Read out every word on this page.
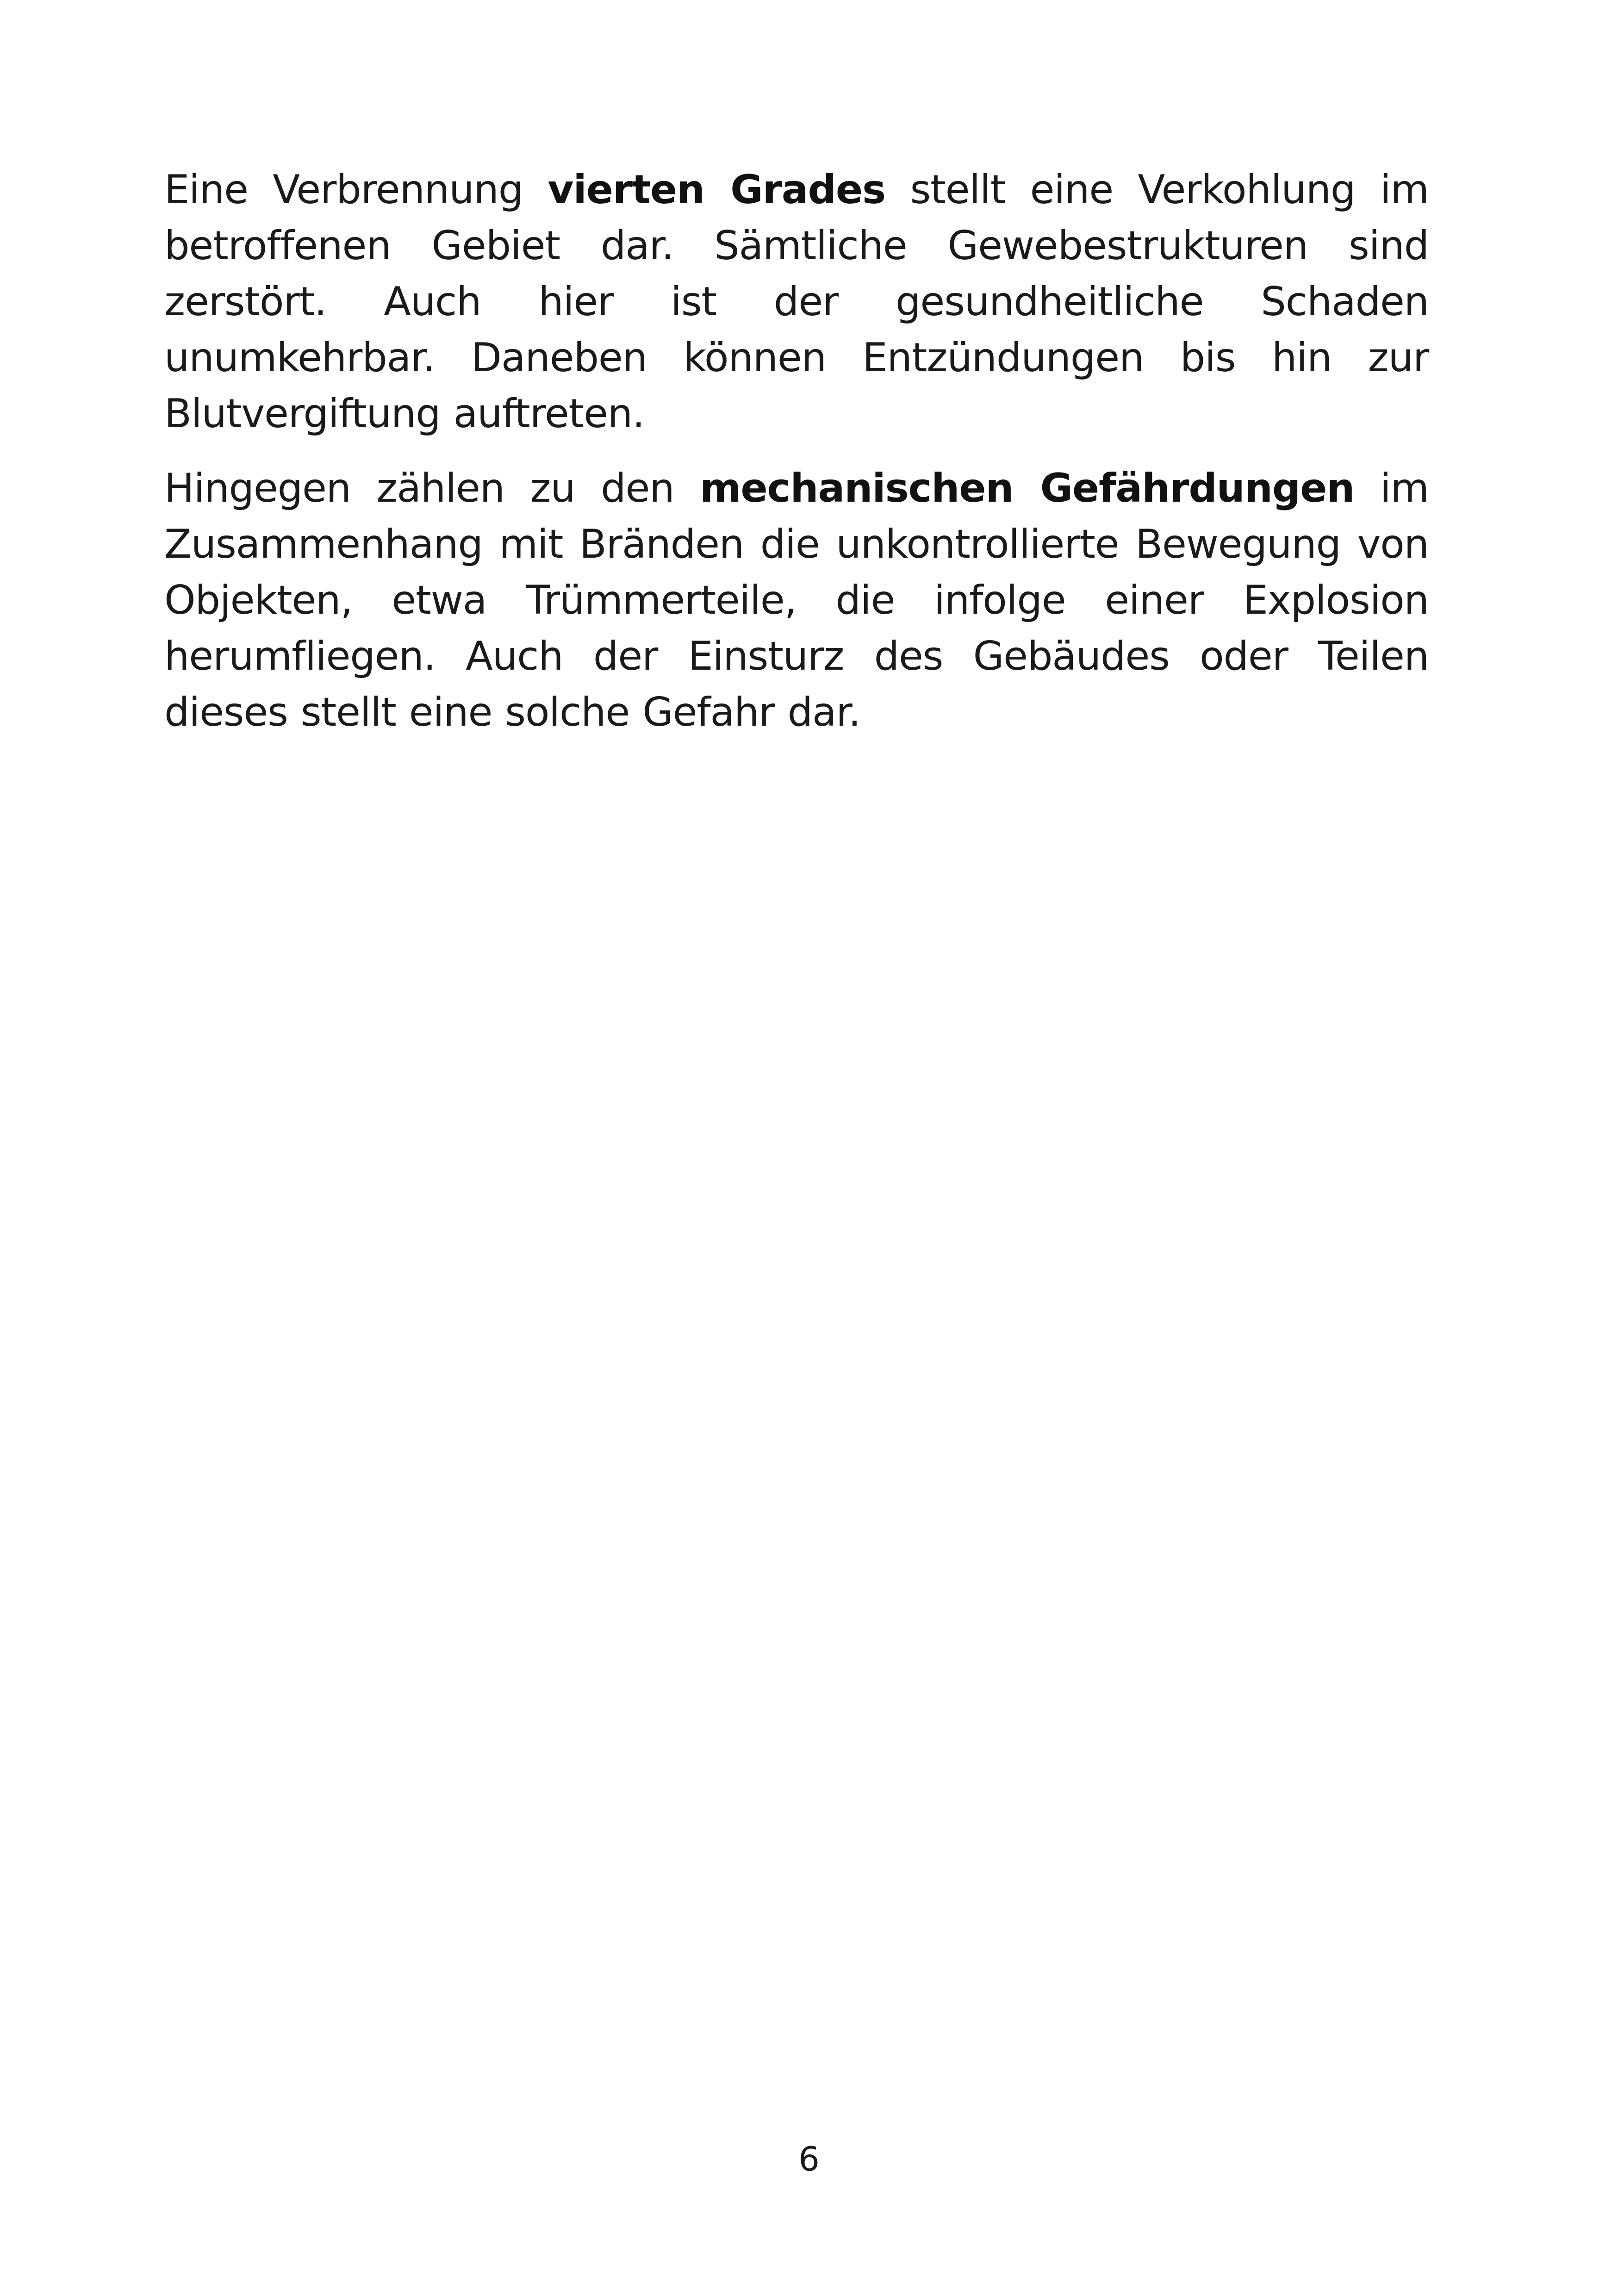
Eine Verbrennung vierten Grades stellt eine Verkohlung im betroffenen Gebiet dar. Sämtliche Gewebestrukturen sind zerstört. Auch hier ist der gesundheitliche Schaden unumkehrbar. Daneben können Entzündungen bis hin zur Blutvergiftung auftreten.

Hingegen zählen zu den mechanischen Gefährdungen im Zusammenhang mit Bränden die unkontrollierte Bewegung von Objekten, etwa Trümmerteile, die infolge einer Explosion herumfliegen. Auch der Einsturz des Gebäudes oder Teilen dieses stellt eine solche Gefahr dar.

6
